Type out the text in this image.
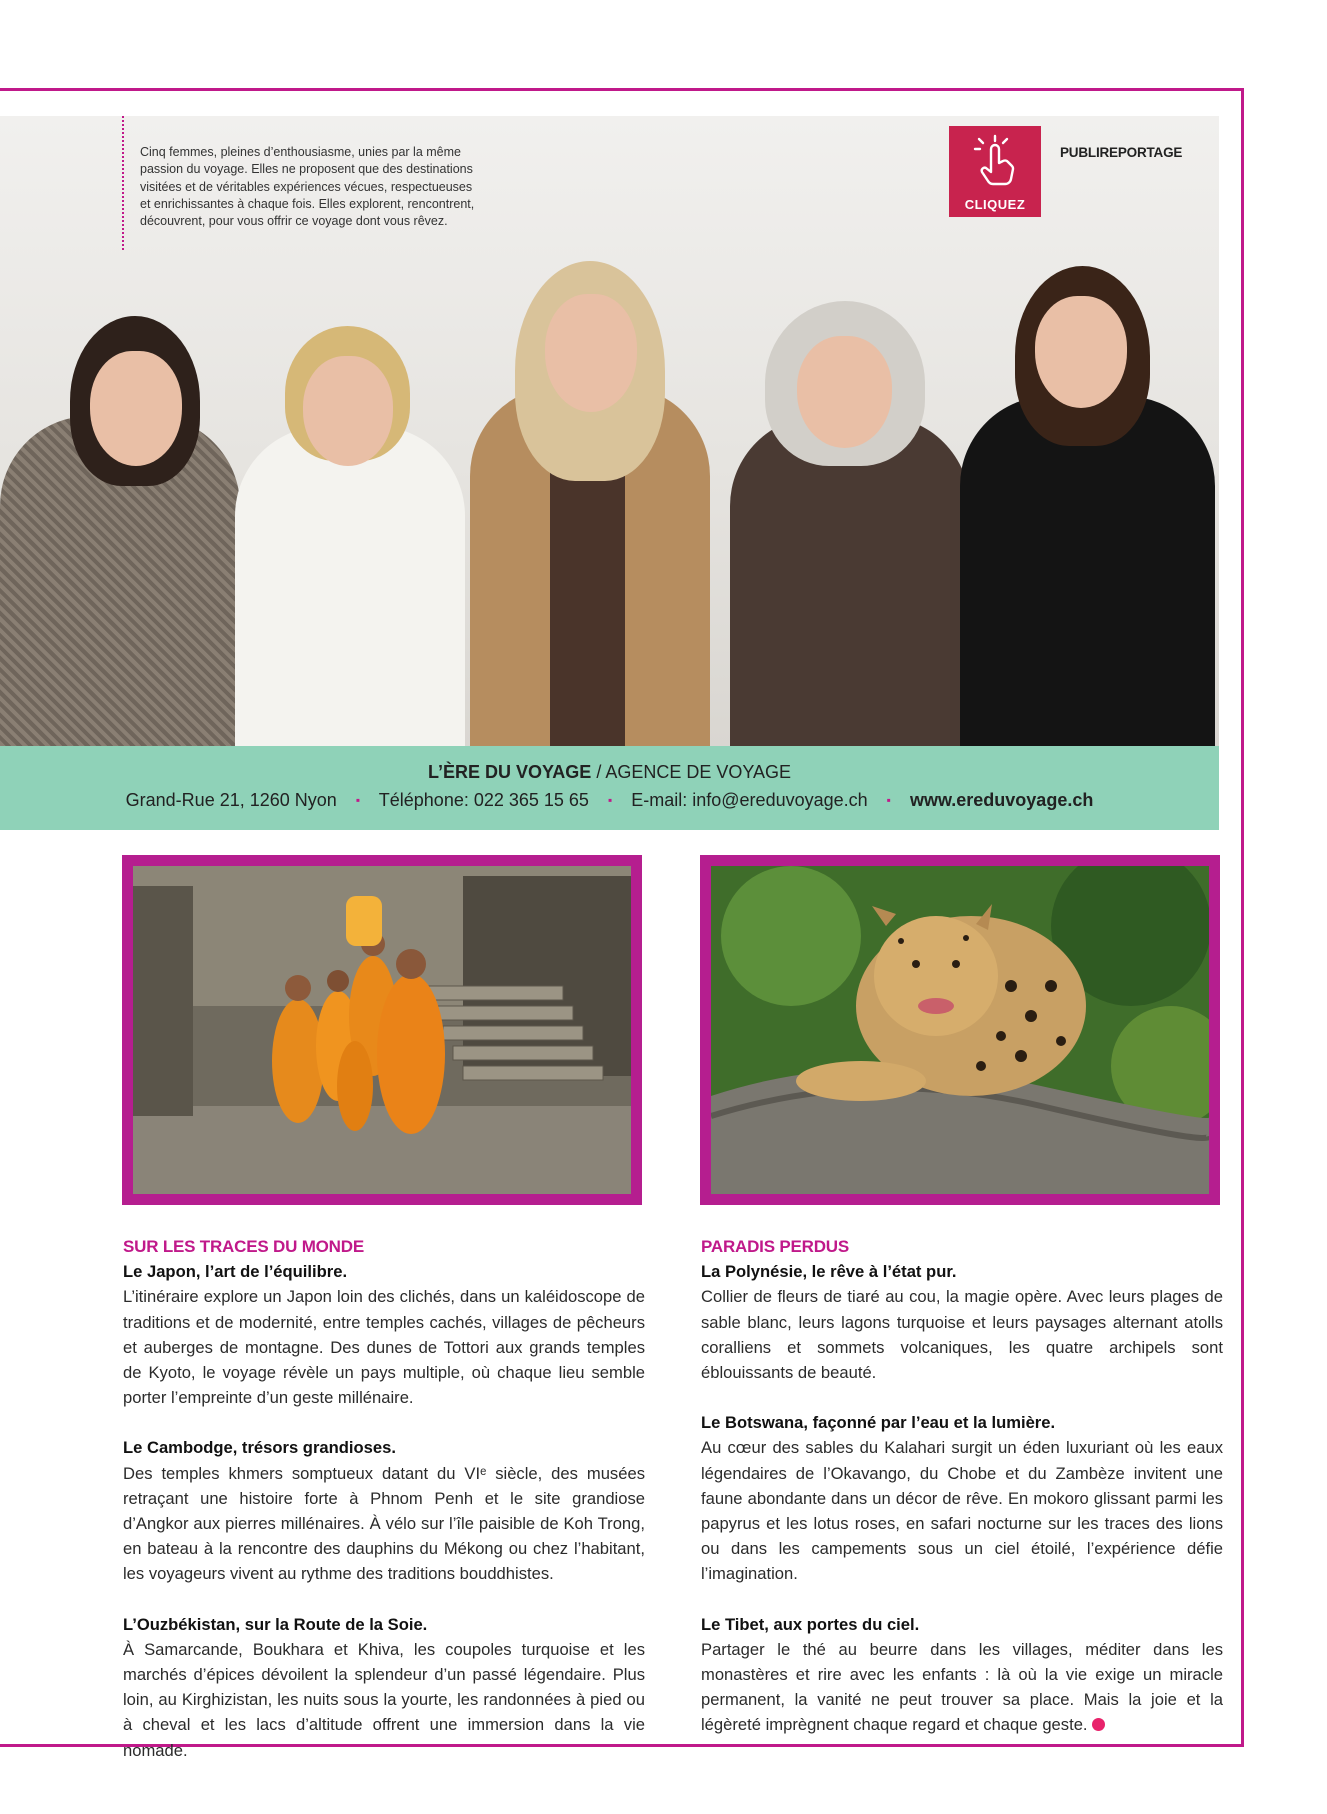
Cinq femmes, pleines d’enthousiasme, unies par la même passion du voyage. Elles ne proposent que des destinations visitées et de véritables expériences vécues, respectueuses et enrichissantes à chaque fois. Elles explorent, rencontrent, découvrent, pour vous offrir ce voyage dont vous rêvez.

CLIQUEZ
PUBLIREPORTAGE
L’ÈRE DU VOYAGE / AGENCE DE VOYAGE
Grand-Rue 21, 1260 Nyon ▪ Téléphone: 022 365 15 65 ▪ E-mail: info@ereduvoyage.ch ▪ www.ereduvoyage.ch
SUR LES TRACES DU MONDE
Le Japon, l’art de l’équilibre.

L’itinéraire explore un Japon loin des clichés, dans un kaléidoscope de traditions et de modernité, entre temples cachés, villages de pêcheurs et auberges de montagne. Des dunes de Tottori aux grands temples de Kyoto, le voyage révèle un pays multiple, où chaque lieu semble porter l’empreinte d’un geste millénaire.

Le Cambodge, trésors grandioses.

Des temples khmers somptueux datant du VIᵉ siècle, des musées retraçant une histoire forte à Phnom Penh et le site grandiose d’Angkor aux pierres millénaires. À vélo sur l’île paisible de Koh Trong, en bateau à la rencontre des dauphins du Mékong ou chez l’habitant, les voyageurs vivent au rythme des traditions bouddhistes.

L’Ouzbékistan, sur la Route de la Soie.

À Samarcande, Boukhara et Khiva, les coupoles turquoise et les marchés d’épices dévoilent la splendeur d’un passé légendaire. Plus loin, au Kirghizistan, les nuits sous la yourte, les randonnées à pied ou à cheval et les lacs d’altitude offrent une immersion dans la vie nomade.

PARADIS PERDUS
La Polynésie, le rêve à l’état pur.

Collier de fleurs de tiaré au cou, la magie opère. Avec leurs plages de sable blanc, leurs lagons turquoise et leurs paysages alternant atolls coralliens et sommets volcaniques, les quatre archipels sont éblouissants de beauté.

Le Botswana, façonné par l’eau et la lumière.

Au cœur des sables du Kalahari surgit un éden luxuriant où les eaux légendaires de l’Okavango, du Chobe et du Zambèze invitent une faune abondante dans un décor de rêve. En mokoro glissant parmi les papyrus et les lotus roses, en safari nocturne sur les traces des lions ou dans les campements sous un ciel étoilé, l’expérience défie l’imagination.

Le Tibet, aux portes du ciel.

Partager le thé au beurre dans les villages, méditer dans les monastères et rire avec les enfants : là où la vie exige un miracle permanent, la vanité ne peut trouver sa place. Mais la joie et la légèreté imprègnent chaque regard et chaque geste.
